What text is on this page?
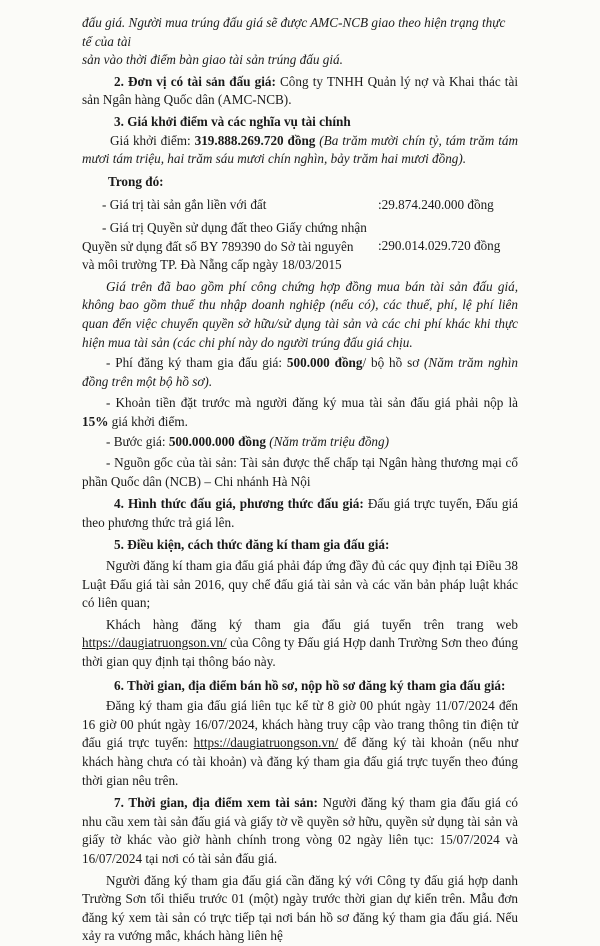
đấu giá. Người mua trúng đấu giá sẽ được AMC-NCB giao theo hiện trạng thực tế của tài

sản vào thời điểm bàn giao tài sản trúng đấu giá.

2. Đơn vị có tài sản đấu giá: Công ty TNHH Quản lý nợ và Khai thác tài sản Ngân hàng Quốc dân (AMC-NCB).

3. Giá khởi điểm và các nghĩa vụ tài chính

Giá khởi điểm: 319.888.269.720 đồng (Ba trăm mười chín tỷ, tám trăm tám mươi tám triệu, hai trăm sáu mươi chín nghìn, bảy trăm hai mươi đồng).

Trong đó:

- Giá trị tài sản gắn liền với đất	:29.874.240.000 đồng
- Giá trị Quyền sử dụng đất theo Giấy chứng nhận
Quyền sử dụng đất số BY 789390 do Sở tài nguyên
và môi trường TP. Đà Nẵng cấp ngày 18/03/2015
:290.014.029.720 đồng

Giá trên đã bao gồm phí công chứng hợp đồng mua bán tài sản đấu giá, không bao gồm thuế thu nhập doanh nghiệp (nếu có), các thuế, phí, lệ phí liên quan đến việc chuyển quyền sở hữu/sử dụng tài sản và các chi phí khác khi thực hiện mua tài sản (các chi phí này do người trúng đấu giá chịu.

- Phí đăng ký tham gia đấu giá: 500.000 đồng/ bộ hồ sơ (Năm trăm nghìn đồng trên một bộ hồ sơ).

- Khoản tiền đặt trước mà người đăng ký mua tài sản đấu giá phải nộp là 15% giá khởi điểm.

- Bước giá: 500.000.000 đồng (Năm trăm triệu đồng)

- Nguồn gốc của tài sản: Tài sản được thế chấp tại Ngân hàng thương mại cổ phần Quốc dân (NCB) – Chi nhánh Hà Nội

4. Hình thức đấu giá, phương thức đấu giá: Đấu giá trực tuyến, Đấu giá theo phương thức trả giá lên.

5. Điều kiện, cách thức đăng kí tham gia đấu giá:

Người đăng kí tham gia đấu giá phải đáp ứng đầy đủ các quy định tại Điều 38 Luật Đấu giá tài sản 2016, quy chế đấu giá tài sản và các văn bản pháp luật khác có liên quan;

Khách hàng đăng ký tham gia đấu giá tuyến trên trang web https://daugiatruongson.vn/ của Công ty Đấu giá Hợp danh Trường Sơn theo đúng thời gian quy định tại thông báo này.

6. Thời gian, địa điểm bán hồ sơ, nộp hồ sơ đăng ký tham gia đấu giá:

Đăng ký tham gia đấu giá liên tục kể từ 8 giờ 00 phút ngày 11/07/2024 đến 16 giờ 00 phút ngày 16/07/2024, khách hàng truy cập vào trang thông tin điện tử đấu giá trực tuyến: https://daugiatruongson.vn/ để đăng ký tài khoản (nếu như khách hàng chưa có tài khoản) và đăng ký tham gia đấu giá trực tuyến theo đúng thời gian nêu trên.

7. Thời gian, địa điểm xem tài sản: Người đăng ký tham gia đấu giá có nhu cầu xem tài sản đấu giá và giấy tờ về quyền sở hữu, quyền sử dụng tài sản và giấy tờ khác vào giờ hành chính trong vòng 02 ngày liên tục: 15/07/2024 và 16/07/2024 tại nơi có tài sản đấu giá.

Người đăng ký tham gia đấu giá cần đăng ký với Công ty đấu giá hợp danh Trường Sơn tối thiểu trước 01 (một) ngày trước thời gian dự kiến trên. Mẫu đơn đăng ký xem tài sản có trực tiếp tại nơi bán hồ sơ đăng ký tham gia đấu giá. Nếu xảy ra vướng mắc, khách hàng liên hệ
